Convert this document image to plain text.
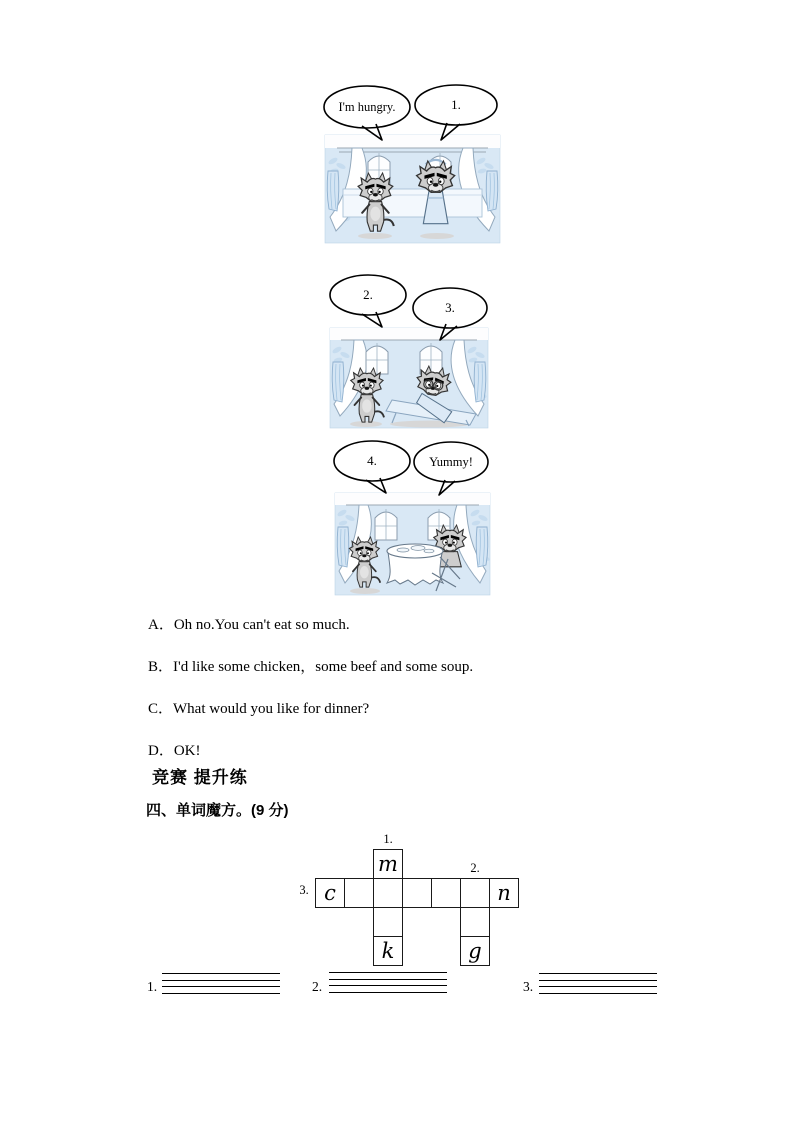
I'm hungry.	1.
2.
3.
4.	Yummy!
A．Oh no.You can't eat so much.
B．I'd like some chicken，some beef and some soup.
C．What would you like for dinner?
D．OK!
竞赛 提升练
四、单词魔方。(9 分)
1.
2.
3.
m
c	n
k	g
1.	2.	3.
